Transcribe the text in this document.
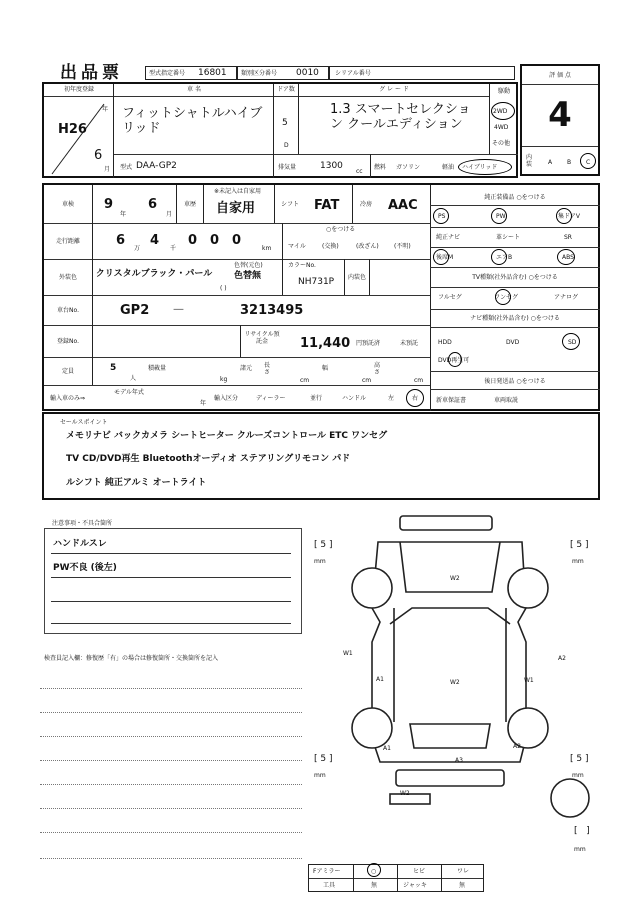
出品票	型式指定番号 16801 類別区分番号 0010	シリアル番号	評 価 点
4
内装	A B C
初年度登録
H26
年
6
月
車 名
フィットシャトルハイブリッド
ドア数
5
D
グ レ ー ド
1.3 スマートセレクション クールエディション
駆動
2WD
4WD
その他
型式 DAA-GP2	排気量	1300
cc
燃料 ガソリン	軽油 ハイブリッド
車検	9
年
6
月
車歴
※未記入は自家用
自家用	シフト	FAT	冷房	AAC
走行距離	6
万
4
千
0 0 0
km
○をつける
マイル	(交換)	(改ざん)	(不明)
外装色	クリスタルブラック・パール
色替(元色)
色替無
( )
カラーNo.
NH731P	内装色
車台No.	GP2 －	3213495
登録No.
リサイクル預託金	11,440 円預託済	未預託
定員	5
人
積載量
kg
諸元 長さ
cm
幅
cm
高さ
cm
輸入車のみ⇒
モデル年式
年
輸入区分	ディーラー	並行	ハンドル	左	右
純正装備品 ○をつける
PS	PW	集ドアV
純正ナビ	革シート	SR
後席M	エアB	ABS
TV種類(社外品含む) ○をつける
フルセグ	ワンセグ	アナログ
ナビ種類(社外品含む) ○をつける
HDD	DVD	SD
DVD再生可
後日発送品 ○をつける
新車保証書	車両取説
セールスポイント
メモリナビ バックカメラ シートヒーター クルーズコントロール ETC ワンセグ
TV CD/DVD再生 Bluetoothオーディオ ステアリングリモコン パド
ルシフト 純正アルミ オートライト
注意事項・不具合箇所
ハンドルスレ
PW不良 (後左)
検査員記入欄：修復歴「有」の場合は修復箇所・交換箇所を記入
W2
W1
A2
A1	W2	W1
A1	A2
A3
W2
[ 5 ]
mm
[ 5 ]
mm
[ 5 ]
mm
[ 5 ]
mm
[   ]
mm
Fアミラー	○	ヒビ	ワレ
工具	無	ジャッキ	無
